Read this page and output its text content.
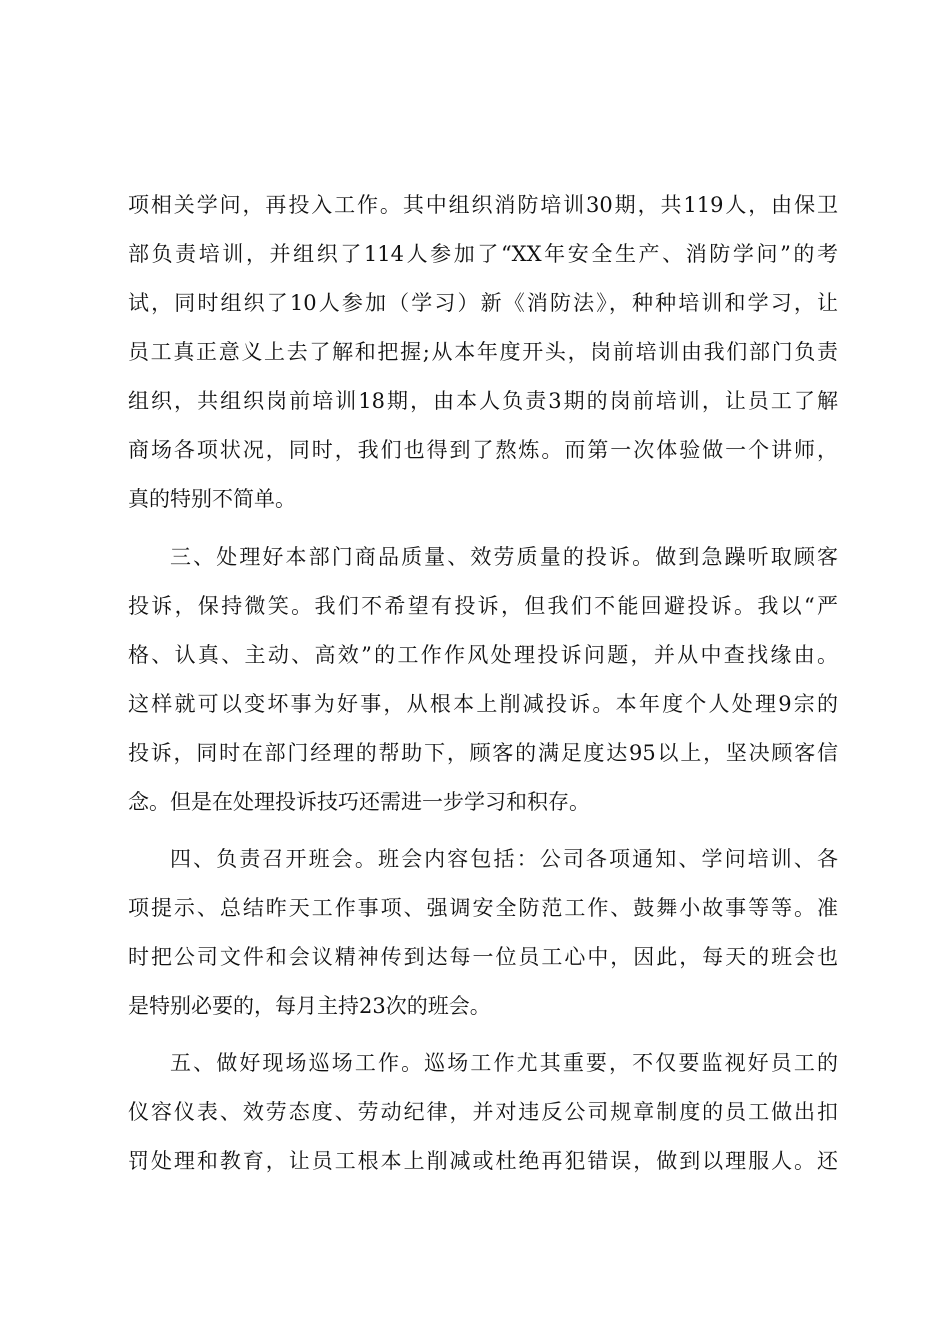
项相关学问，再投入工作。其中组织消防培训30期，共119人，由保卫
部负责培训，并组织了114人参加了“XX年安全生产、消防学问”的考
试，同时组织了10人参加（学习）新《消防法》，种种培训和学习，让
员工真正意义上去了解和把握;从本年度开头，岗前培训由我们部门负责
组织，共组织岗前培训18期，由本人负责3期的岗前培训，让员工了解
商场各项状况，同时，我们也得到了熬炼。而第一次体验做一个讲师，
真的特别不简单。
三、处理好本部门商品质量、效劳质量的投诉。做到急躁听取顾客
投诉，保持微笑。我们不希望有投诉，但我们不能回避投诉。我以“严
格、认真、主动、高效”的工作作风处理投诉问题，并从中查找缘由。
这样就可以变坏事为好事，从根本上削减投诉。本年度个人处理9宗的
投诉，同时在部门经理的帮助下，顾客的满足度达95以上，坚决顾客信
念。但是在处理投诉技巧还需进一步学习和积存。
四、负责召开班会。班会内容包括：公司各项通知、学问培训、各
项提示、总结昨天工作事项、强调安全防范工作、鼓舞小故事等等。准
时把公司文件和会议精神传到达每一位员工心中，因此，每天的班会也
是特别必要的，每月主持23次的班会。
五、做好现场巡场工作。巡场工作尤其重要，不仅要监视好员工的
仪容仪表、效劳态度、劳动纪律，并对违反公司规章制度的员工做出扣
罚处理和教育，让员工根本上削减或杜绝再犯错误，做到以理服人。还
